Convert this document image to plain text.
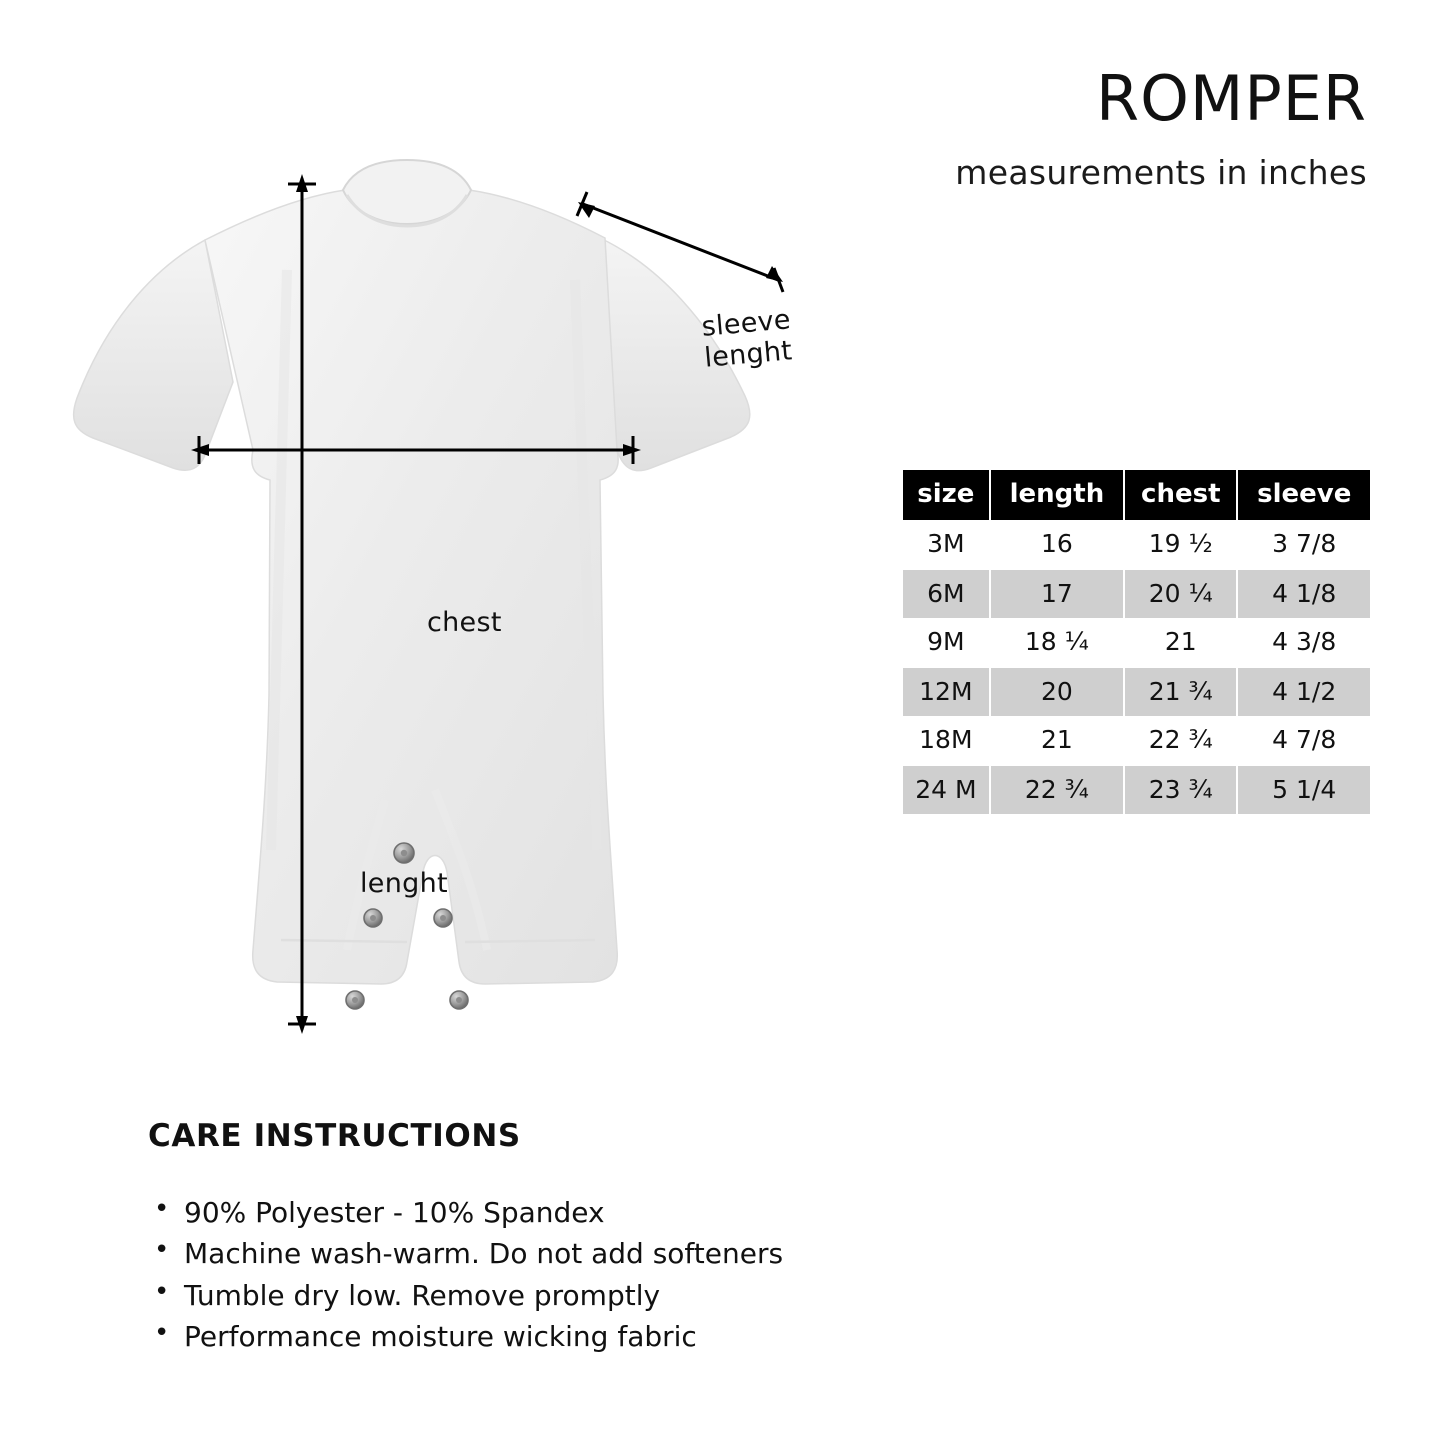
ROMPER

measurements in inches

chest
lenght
sleeve
lenght
size	length	chest	sleeve
3M	16	19 ½	3 7/8
6M	17	20 ¼	4 1/8
9M	18 ¼	21	4 3/8
12M	20	21 ¾	4 1/2
18M	21	22 ¾	4 7/8
24 M	22 ¾	23 ¾	5 1/4
CARE INSTRUCTIONS
• 90% Polyester - 10% Spandex
• Machine wash-warm. Do not add softeners
• Tumble dry low. Remove promptly
• Performance moisture wicking fabric
